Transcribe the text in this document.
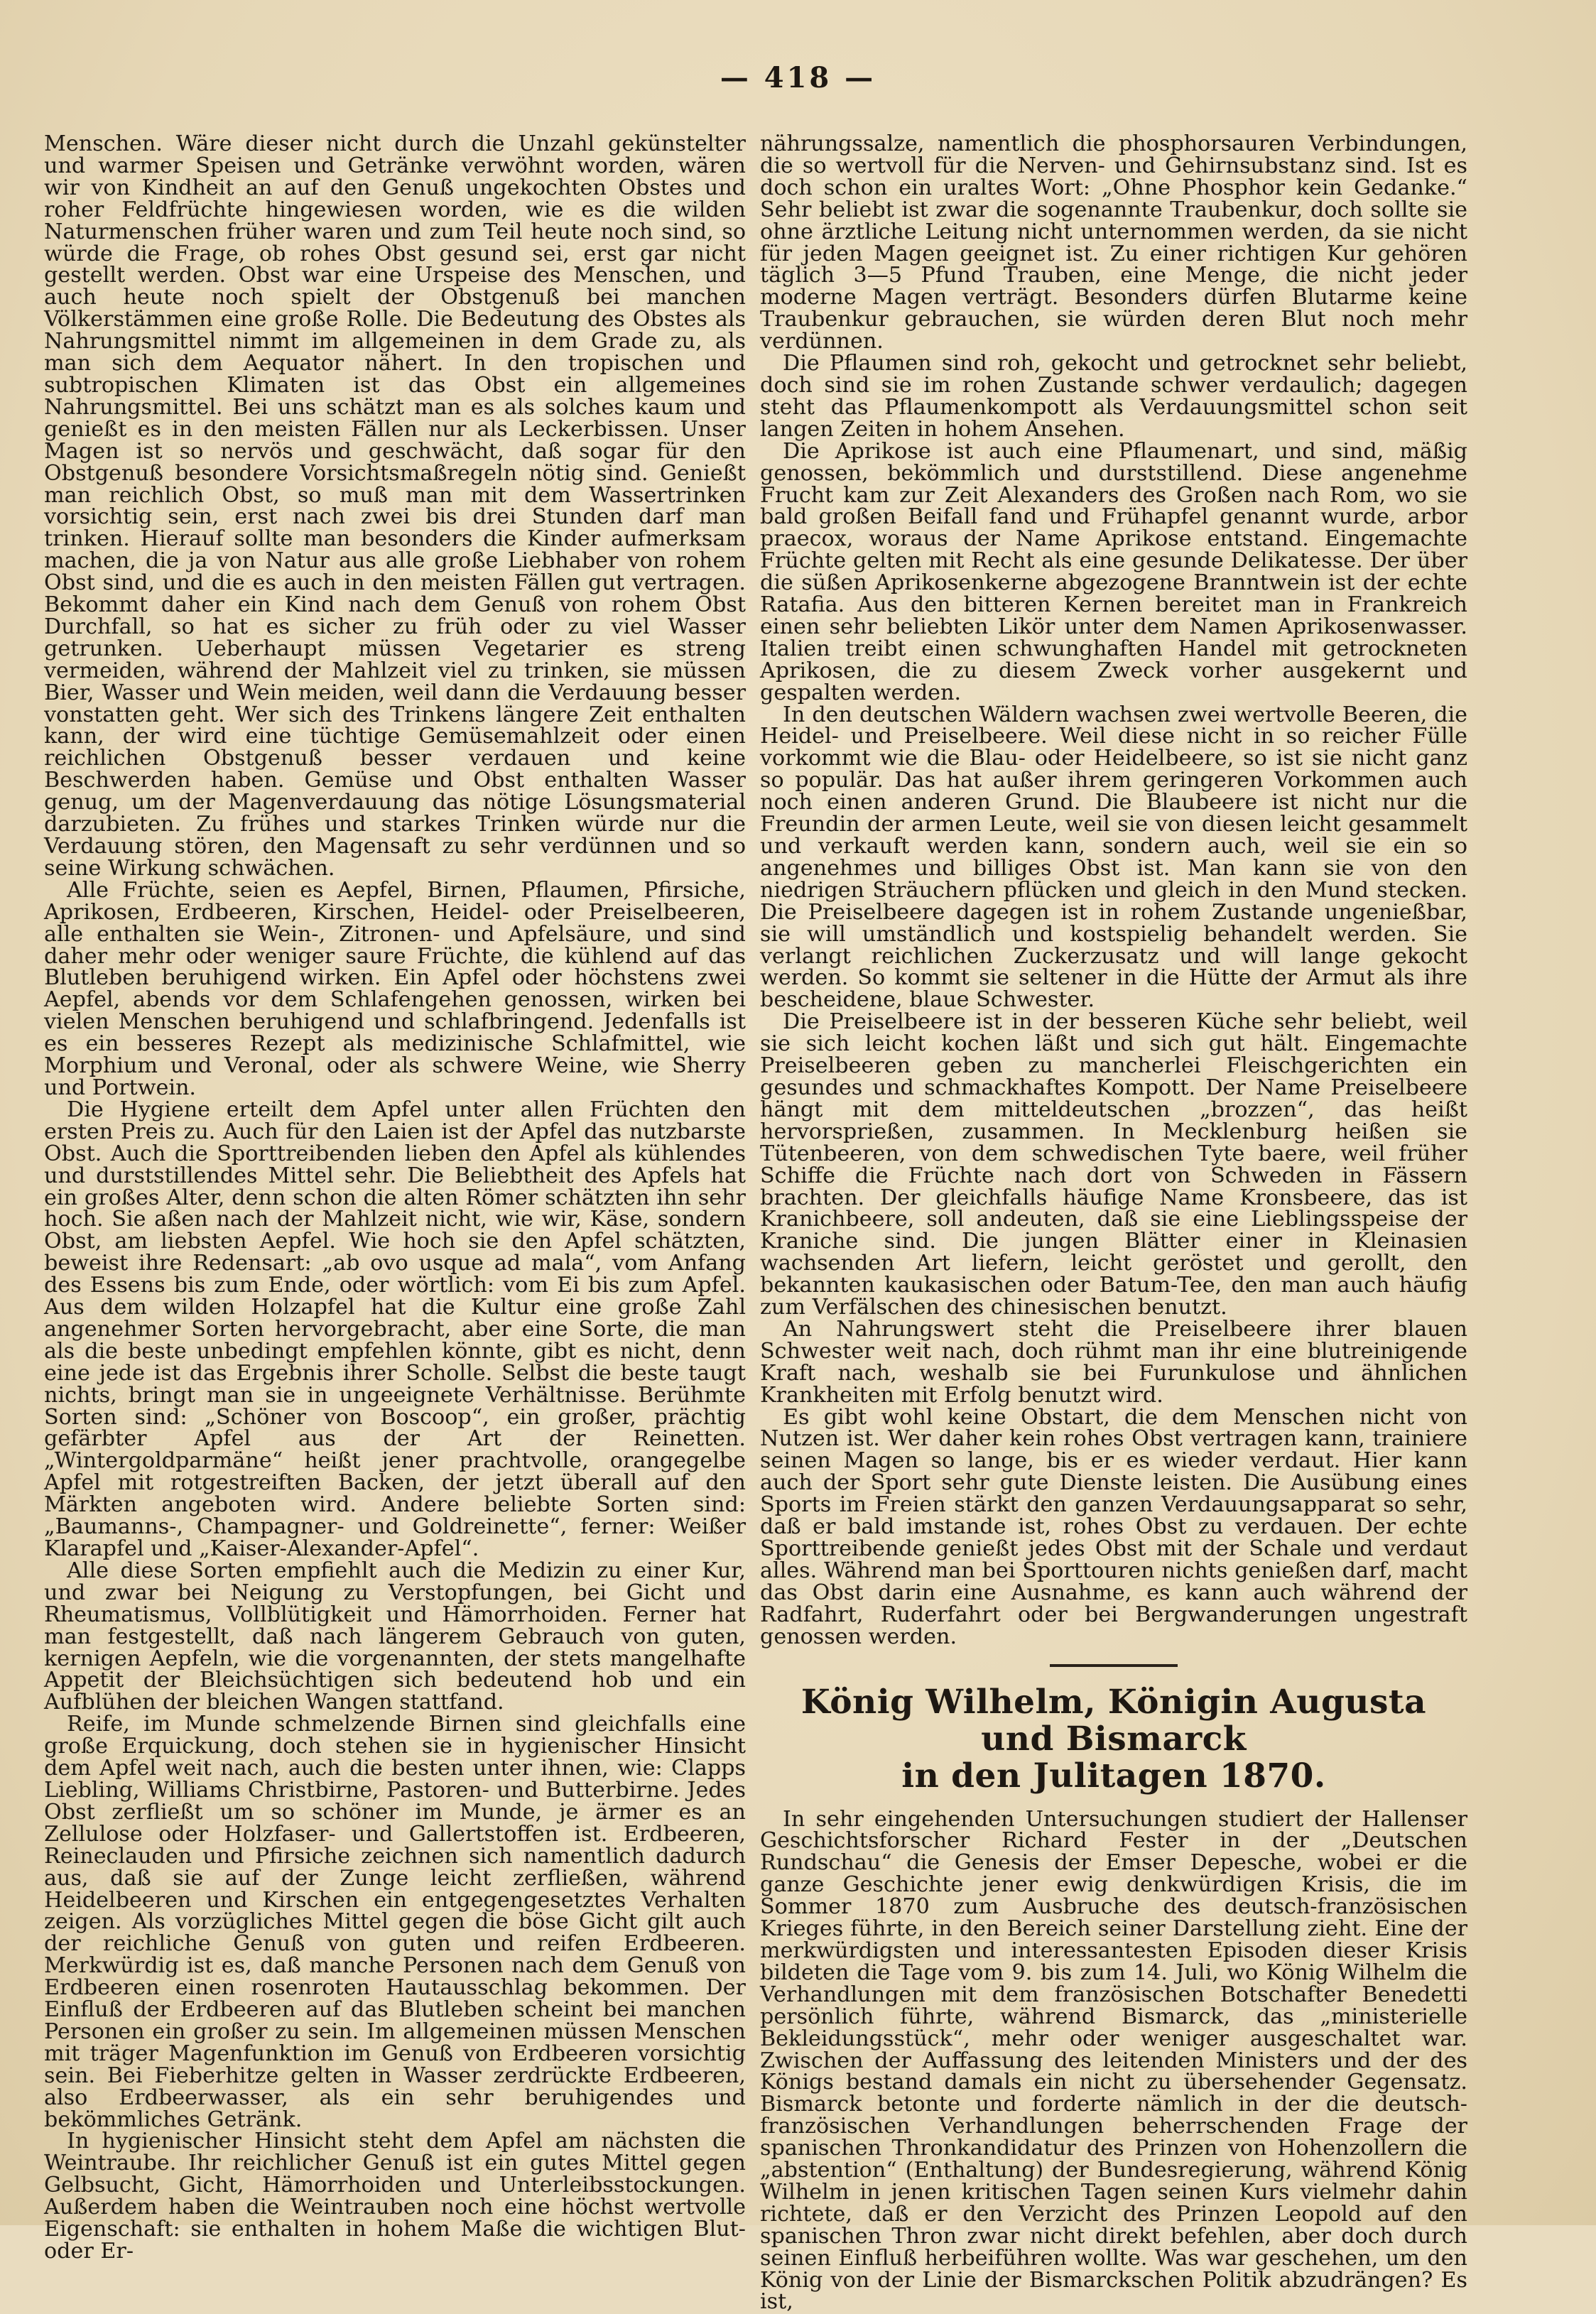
— 418 —

Menschen. Wäre dieser nicht durch die Unzahl gekünstelter und warmer Speisen und Getränke verwöhnt worden, wären wir von Kindheit an auf den Genuß ungekochten Obstes und roher Feldfrüchte hingewiesen worden, wie es die wilden Naturmenschen früher waren und zum Teil heute noch sind, so würde die Frage, ob rohes Obst gesund sei, erst gar nicht gestellt werden. Obst war eine Urspeise des Menschen, und auch heute noch spielt der Obstgenuß bei manchen Völkerstämmen eine große Rolle. Die Bedeutung des Obstes als Nahrungsmittel nimmt im allgemeinen in dem Grade zu, als man sich dem Aequator nähert. In den tropischen und subtropischen Klimaten ist das Obst ein allgemeines Nahrungsmittel. Bei uns schätzt man es als solches kaum und genießt es in den meisten Fällen nur als Leckerbissen. Unser Magen ist so nervös und geschwächt, daß sogar für den Obstgenuß besondere Vorsichtsmaßregeln nötig sind. Genießt man reichlich Obst, so muß man mit dem Wassertrinken vorsichtig sein, erst nach zwei bis drei Stunden darf man trinken. Hierauf sollte man besonders die Kinder aufmerksam machen, die ja von Natur aus alle große Liebhaber von rohem Obst sind, und die es auch in den meisten Fällen gut vertragen. Bekommt daher ein Kind nach dem Genuß von rohem Obst Durchfall, so hat es sicher zu früh oder zu viel Wasser getrunken. Ueberhaupt müssen Vegetarier es streng vermeiden, während der Mahlzeit viel zu trinken, sie müssen Bier, Wasser und Wein meiden, weil dann die Verdauung besser vonstatten geht. Wer sich des Trinkens längere Zeit enthalten kann, der wird eine tüchtige Gemüsemahlzeit oder einen reichlichen Obstgenuß besser verdauen und keine Beschwerden haben. Gemüse und Obst enthalten Wasser genug, um der Magenverdauung das nötige Lösungsmaterial darzubieten. Zu frühes und starkes Trinken würde nur die Verdauung stören, den Magensaft zu sehr verdünnen und so seine Wirkung schwächen.

Alle Früchte, seien es Aepfel, Birnen, Pflaumen, Pfirsiche, Aprikosen, Erdbeeren, Kirschen, Heidel- oder Preiselbeeren, alle enthalten sie Wein-, Zitronen- und Apfelsäure, und sind daher mehr oder weniger saure Früchte, die kühlend auf das Blutleben beruhigend wirken. Ein Apfel oder höchstens zwei Aepfel, abends vor dem Schlafengehen genossen, wirken bei vielen Menschen beruhigend und schlafbringend. Jedenfalls ist es ein besseres Rezept als medizinische Schlafmittel, wie Morphium und Veronal, oder als schwere Weine, wie Sherry und Portwein.

Die Hygiene erteilt dem Apfel unter allen Früchten den ersten Preis zu. Auch für den Laien ist der Apfel das nutzbarste Obst. Auch die Sporttreibenden lieben den Apfel als kühlendes und durststillendes Mittel sehr. Die Beliebtheit des Apfels hat ein großes Alter, denn schon die alten Römer schätzten ihn sehr hoch. Sie aßen nach der Mahlzeit nicht, wie wir, Käse, sondern Obst, am liebsten Aepfel. Wie hoch sie den Apfel schätzten, beweist ihre Redensart: „ab ovo usque ad mala“, vom Anfang des Essens bis zum Ende, oder wörtlich: vom Ei bis zum Apfel. Aus dem wilden Holzapfel hat die Kultur eine große Zahl angenehmer Sorten hervorgebracht, aber eine Sorte, die man als die beste unbedingt empfehlen könnte, gibt es nicht, denn eine jede ist das Ergebnis ihrer Scholle. Selbst die beste taugt nichts, bringt man sie in ungeeignete Verhältnisse. Berühmte Sorten sind: „Schöner von Boscoop“, ein großer, prächtig gefärbter Apfel aus der Art der Reinetten. „Wintergoldparmäne“ heißt jener prachtvolle, orangegelbe Apfel mit rotgestreiften Backen, der jetzt überall auf den Märkten angeboten wird. Andere beliebte Sorten sind: „Baumanns-, Champagner- und Goldreinette“, ferner: Weißer Klarapfel und „Kaiser-Alexander-Apfel“.

Alle diese Sorten empfiehlt auch die Medizin zu einer Kur, und zwar bei Neigung zu Verstopfungen, bei Gicht und Rheumatismus, Vollblütigkeit und Hämorrhoiden. Ferner hat man festgestellt, daß nach längerem Gebrauch von guten, kernigen Aepfeln, wie die vorgenannten, der stets mangelhafte Appetit der Bleichsüchtigen sich bedeutend hob und ein Aufblühen der bleichen Wangen stattfand.

Reife, im Munde schmelzende Birnen sind gleichfalls eine große Erquickung, doch stehen sie in hygienischer Hinsicht dem Apfel weit nach, auch die besten unter ihnen, wie: Clapps Liebling, Williams Christbirne, Pastoren- und Butterbirne. Jedes Obst zerfließt um so schöner im Munde, je ärmer es an Zellulose oder Holzfaser- und Gallertstoffen ist. Erdbeeren, Reineclauden und Pfirsiche zeichnen sich namentlich dadurch aus, daß sie auf der Zunge leicht zerfließen, während Heidelbeeren und Kirschen ein entgegengesetztes Verhalten zeigen. Als vorzügliches Mittel gegen die böse Gicht gilt auch der reichliche Genuß von guten und reifen Erdbeeren. Merkwürdig ist es, daß manche Personen nach dem Genuß von Erdbeeren einen rosenroten Hautausschlag bekommen. Der Einfluß der Erdbeeren auf das Blutleben scheint bei manchen Personen ein großer zu sein. Im allgemeinen müssen Menschen mit träger Magenfunktion im Genuß von Erdbeeren vorsichtig sein. Bei Fieberhitze gelten in Wasser zerdrückte Erdbeeren, also Erdbeerwasser, als ein sehr beruhigendes und bekömmliches Getränk.

In hygienischer Hinsicht steht dem Apfel am nächsten die Weintraube. Ihr reichlicher Genuß ist ein gutes Mittel gegen Gelbsucht, Gicht, Hämorrhoiden und Unterleibsstockungen. Außerdem haben die Weintrauben noch eine höchst wertvolle Eigenschaft: sie enthalten in hohem Maße die wichtigen Blut- oder Er-

nährungssalze, namentlich die phosphorsauren Verbindungen, die so wertvoll für die Nerven- und Gehirnsubstanz sind. Ist es doch schon ein uraltes Wort: „Ohne Phosphor kein Gedanke.“ Sehr beliebt ist zwar die sogenannte Traubenkur, doch sollte sie ohne ärztliche Leitung nicht unternommen werden, da sie nicht für jeden Magen geeignet ist. Zu einer richtigen Kur gehören täglich 3—5 Pfund Trauben, eine Menge, die nicht jeder moderne Magen verträgt. Besonders dürfen Blutarme keine Traubenkur gebrauchen, sie würden deren Blut noch mehr verdünnen.

Die Pflaumen sind roh, gekocht und getrocknet sehr beliebt, doch sind sie im rohen Zustande schwer verdaulich; dagegen steht das Pflaumenkompott als Verdauungsmittel schon seit langen Zeiten in hohem Ansehen.

Die Aprikose ist auch eine Pflaumenart, und sind, mäßig genossen, bekömmlich und durststillend. Diese angenehme Frucht kam zur Zeit Alexanders des Großen nach Rom, wo sie bald großen Beifall fand und Frühapfel genannt wurde, arbor praecox, woraus der Name Aprikose entstand. Eingemachte Früchte gelten mit Recht als eine gesunde Delikatesse. Der über die süßen Aprikosenkerne abgezogene Branntwein ist der echte Ratafia. Aus den bitteren Kernen bereitet man in Frankreich einen sehr beliebten Likör unter dem Namen Aprikosenwasser. Italien treibt einen schwunghaften Handel mit getrockneten Aprikosen, die zu diesem Zweck vorher ausgekernt und gespalten werden.

In den deutschen Wäldern wachsen zwei wertvolle Beeren, die Heidel- und Preiselbeere. Weil diese nicht in so reicher Fülle vorkommt wie die Blau- oder Heidelbeere, so ist sie nicht ganz so populär. Das hat außer ihrem geringeren Vorkommen auch noch einen anderen Grund. Die Blaubeere ist nicht nur die Freundin der armen Leute, weil sie von diesen leicht gesammelt und verkauft werden kann, sondern auch, weil sie ein so angenehmes und billiges Obst ist. Man kann sie von den niedrigen Sträuchern pflücken und gleich in den Mund stecken. Die Preiselbeere dagegen ist in rohem Zustande ungenießbar, sie will umständlich und kostspielig behandelt werden. Sie verlangt reichlichen Zuckerzusatz und will lange gekocht werden. So kommt sie seltener in die Hütte der Armut als ihre bescheidene, blaue Schwester.

Die Preiselbeere ist in der besseren Küche sehr beliebt, weil sie sich leicht kochen läßt und sich gut hält. Eingemachte Preiselbeeren geben zu mancherlei Fleischgerichten ein gesundes und schmackhaftes Kompott. Der Name Preiselbeere hängt mit dem mitteldeutschen „brozzen“, das heißt hervorsprießen, zusammen. In Mecklenburg heißen sie Tütenbeeren, von dem schwedischen Tyte baere, weil früher Schiffe die Früchte nach dort von Schweden in Fässern brachten. Der gleichfalls häufige Name Kronsbeere, das ist Kranichbeere, soll andeuten, daß sie eine Lieblingsspeise der Kraniche sind. Die jungen Blätter einer in Kleinasien wachsenden Art liefern, leicht geröstet und gerollt, den bekannten kaukasischen oder Batum-Tee, den man auch häufig zum Verfälschen des chinesischen benutzt.

An Nahrungswert steht die Preiselbeere ihrer blauen Schwester weit nach, doch rühmt man ihr eine blutreinigende Kraft nach, weshalb sie bei Furunkulose und ähnlichen Krankheiten mit Erfolg benutzt wird.

Es gibt wohl keine Obstart, die dem Menschen nicht von Nutzen ist. Wer daher kein rohes Obst vertragen kann, trainiere seinen Magen so lange, bis er es wieder verdaut. Hier kann auch der Sport sehr gute Dienste leisten. Die Ausübung eines Sports im Freien stärkt den ganzen Verdauungsapparat so sehr, daß er bald imstande ist, rohes Obst zu verdauen. Der echte Sporttreibende genießt jedes Obst mit der Schale und verdaut alles. Während man bei Sporttouren nichts genießen darf, macht das Obst darin eine Ausnahme, es kann auch während der Radfahrt, Ruderfahrt oder bei Bergwanderungen ungestraft genossen werden.

König Wilhelm, Königin Augusta und Bismarck
in den Julitagen 1870.

In sehr eingehenden Untersuchungen studiert der Hallenser Geschichtsforscher Richard Fester in der „Deutschen Rundschau“ die Genesis der Emser Depesche, wobei er die ganze Geschichte jener ewig denkwürdigen Krisis, die im Sommer 1870 zum Ausbruche des deutsch-französischen Krieges führte, in den Bereich seiner Darstellung zieht. Eine der merkwürdigsten und interessantesten Episoden dieser Krisis bildeten die Tage vom 9. bis zum 14. Juli, wo König Wilhelm die Verhandlungen mit dem französischen Botschafter Benedetti persönlich führte, während Bismarck, das „ministerielle Bekleidungsstück“, mehr oder weniger ausgeschaltet war. Zwischen der Auffassung des leitenden Ministers und der des Königs bestand damals ein nicht zu übersehender Gegensatz. Bismarck betonte und forderte nämlich in der die deutsch-französischen Verhandlungen beherrschenden Frage der spanischen Thronkandidatur des Prinzen von Hohenzollern die „abstention“ (Enthaltung) der Bundesregierung, während König Wilhelm in jenen kritischen Tagen seinen Kurs vielmehr dahin richtete, daß er den Verzicht des Prinzen Leopold auf den spanischen Thron zwar nicht direkt befehlen, aber doch durch seinen Einfluß herbeiführen wollte. Was war geschehen, um den König von der Linie der Bismarckschen Politik abzudrängen? Es ist,
